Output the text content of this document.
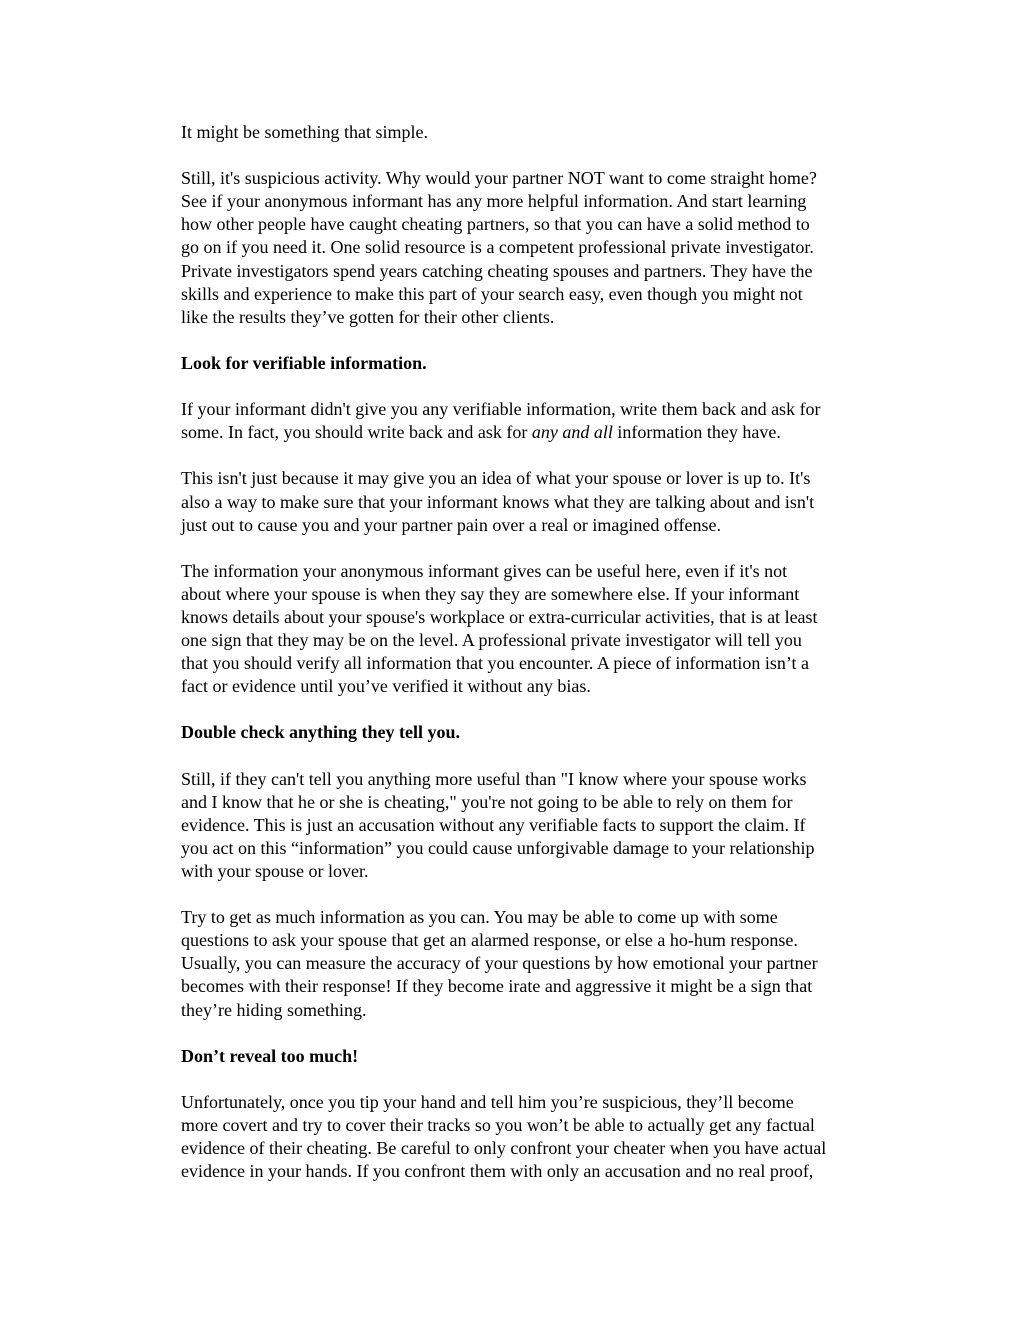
It might be something that simple.

Still, it's suspicious activity. Why would your partner NOT want to come straight home?
See if your anonymous informant has any more helpful information. And start learning
how other people have caught cheating partners, so that you can have a solid method to
go on if you need it. One solid resource is a competent professional private investigator.
Private investigators spend years catching cheating spouses and partners. They have the
skills and experience to make this part of your search easy, even though you might not
like the results they’ve gotten for their other clients.

Look for verifiable information.

If your informant didn't give you any verifiable information, write them back and ask for
some. In fact, you should write back and ask for any and all information they have.

This isn't just because it may give you an idea of what your spouse or lover is up to. It's
also a way to make sure that your informant knows what they are talking about and isn't
just out to cause you and your partner pain over a real or imagined offense.

The information your anonymous informant gives can be useful here, even if it's not
about where your spouse is when they say they are somewhere else. If your informant
knows details about your spouse's workplace or extra-curricular activities, that is at least
one sign that they may be on the level. A professional private investigator will tell you
that you should verify all information that you encounter. A piece of information isn’t a
fact or evidence until you’ve verified it without any bias.

Double check anything they tell you.

Still, if they can't tell you anything more useful than "I know where your spouse works
and I know that he or she is cheating," you're not going to be able to rely on them for
evidence. This is just an accusation without any verifiable facts to support the claim. If
you act on this “information” you could cause unforgivable damage to your relationship
with your spouse or lover.

Try to get as much information as you can. You may be able to come up with some
questions to ask your spouse that get an alarmed response, or else a ho-hum response.
Usually, you can measure the accuracy of your questions by how emotional your partner
becomes with their response! If they become irate and aggressive it might be a sign that
they’re hiding something.

Don’t reveal too much!

Unfortunately, once you tip your hand and tell him you’re suspicious, they’ll become
more covert and try to cover their tracks so you won’t be able to actually get any factual
evidence of their cheating. Be careful to only confront your cheater when you have actual
evidence in your hands. If you confront them with only an accusation and no real proof,
